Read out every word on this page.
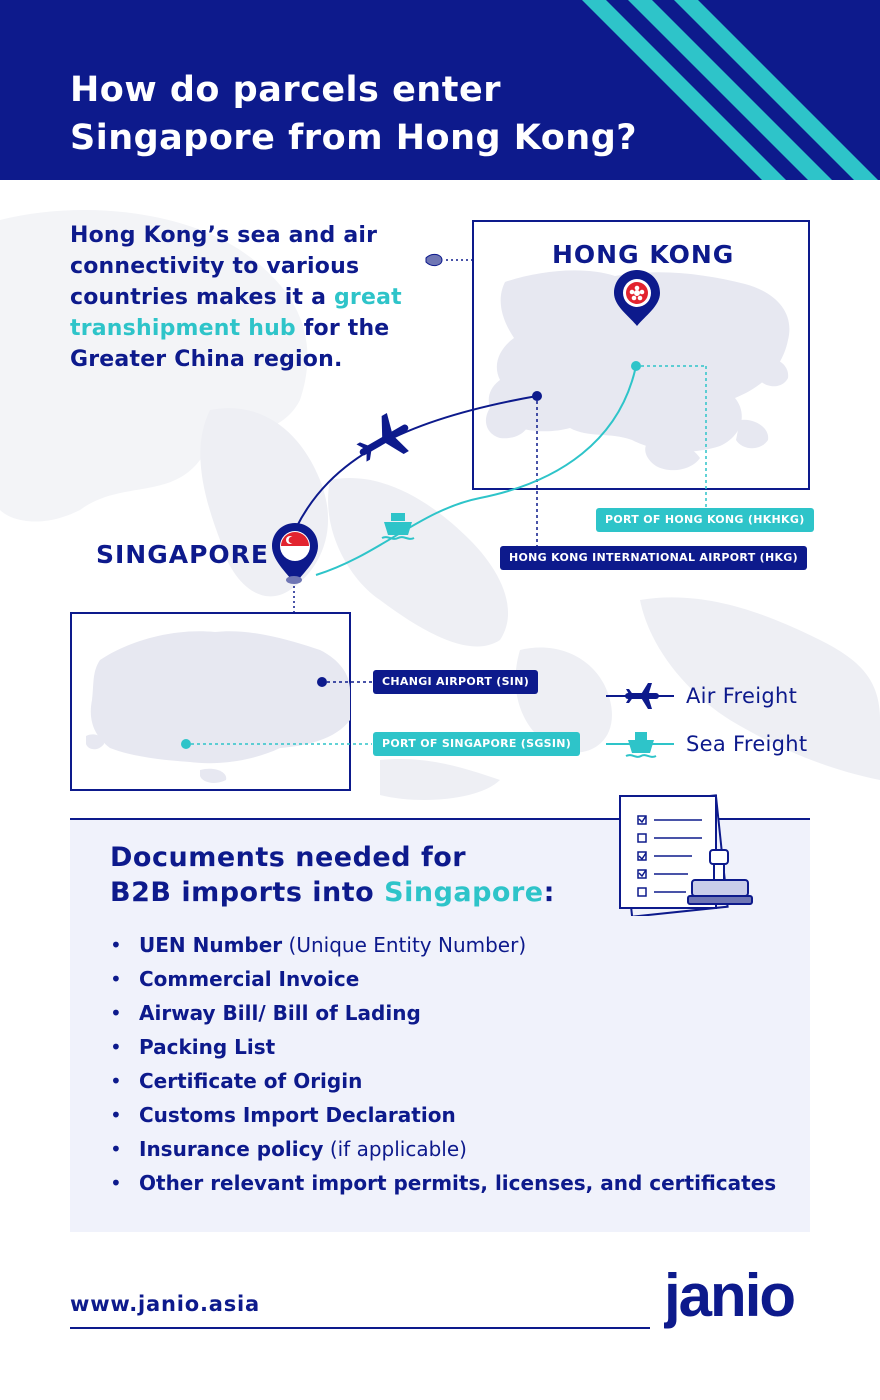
How do parcels enter Singapore from Hong Kong?

Hong Kong’s sea and air connectivity to various countries makes it a great transhipment hub for the Greater China region.

HONG KONG
SINGAPORE
PORT OF HONG KONG (HKHKG)
HONG KONG INTERNATIONAL AIRPORT (HKG)
CHANGI AIRPORT (SIN)
PORT OF SINGAPORE (SGSIN)
Air Freight
Sea Freight
Documents needed for
B2B imports into Singapore:
• UEN Number (Unique Entity Number)
• Commercial Invoice
• Airway Bill/ Bill of Lading
• Packing List
• Certificate of Origin
• Customs Import Declaration
• Insurance policy (if applicable)
• Other relevant import permits, licenses, and certificates
www.janio.asia	janio
